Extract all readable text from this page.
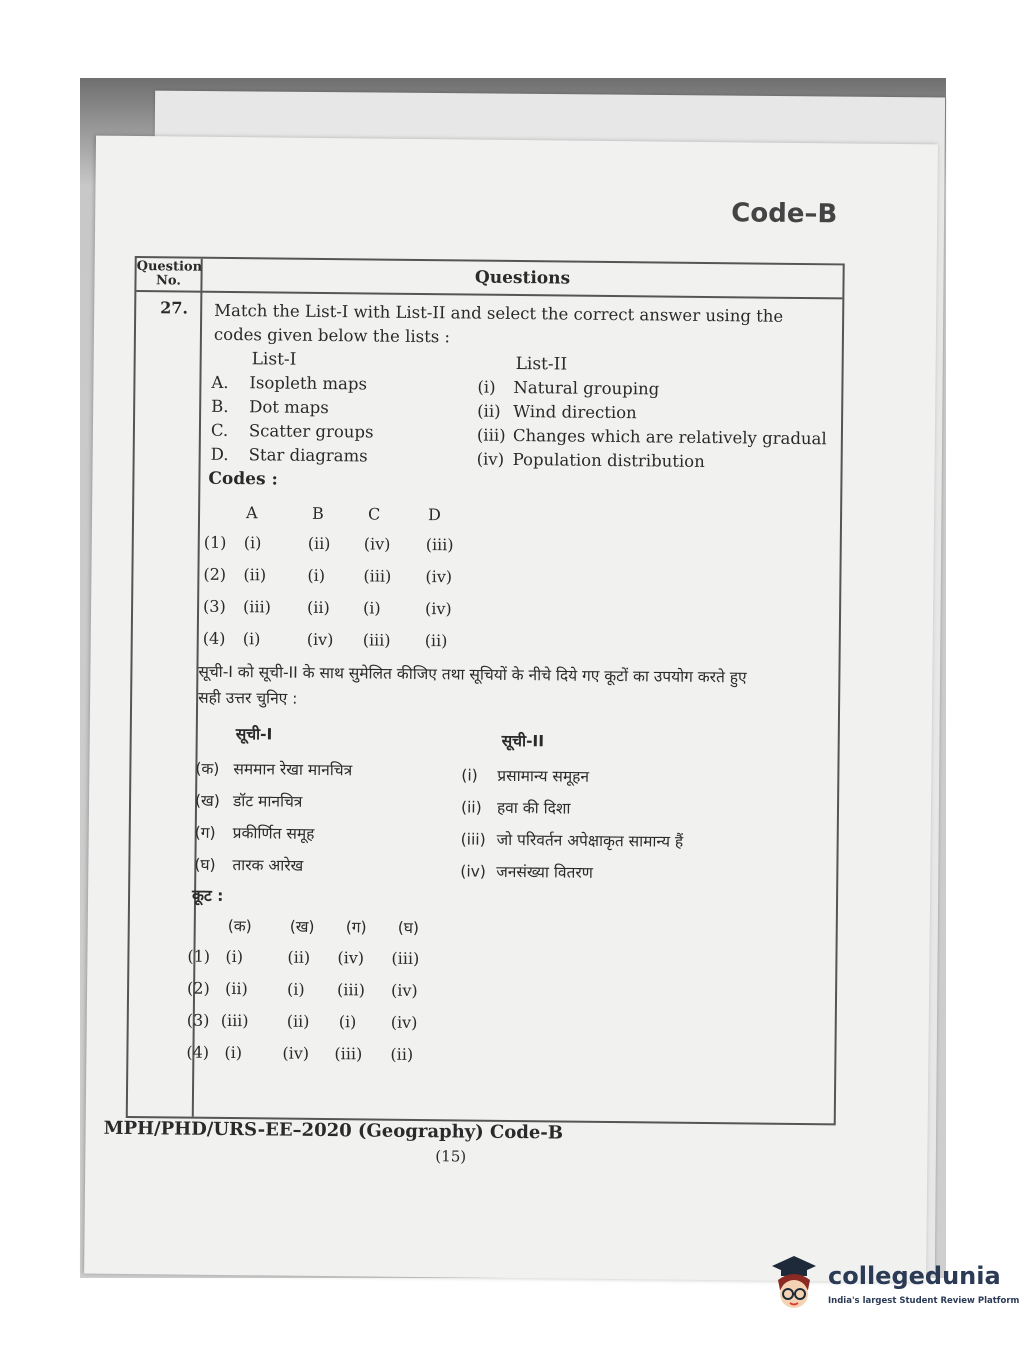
Code–B
Question No.	Questions
27. Match the List-I with List-II and select the correct answer using the
codes given below the lists :
List-I
A. Isopleth maps
B. Dot maps
C. Scatter groups
D. Star diagrams
List-II
(i) Natural grouping
(ii) Wind direction
(iii) Changes which are relatively gradual
(iv) Population distribution
Codes :
A	B	C	D
(1) (i)	(ii) (iv) (iii)
(2) (ii)	(i) (iii) (iv)
(3) (iii) (ii) (i)	(iv)
(4) (i)	(iv) (iii) (ii)
सूची-I को सूची-II के साथ सुमेलित कीजिए तथा सूचियों के नीचे दिये गए कूटों का उपयोग करते हुए
सही उत्तर चुनिए :
सूची-I
(क) सममान रेखा मानचित्र
(ख) डॉट मानचित्र
(ग) प्रकीर्णित समूह
(घ) तारक आरेख
सूची-II
(i) प्रसामान्य समूहन
(ii) हवा की दिशा
(iii) जो परिवर्तन अपेक्षाकृत सामान्य हैं
(iv) जनसंख्या वितरण
कूट :
(क) (ख) (ग) (घ)
(1) (i)	(ii) (iv) (iii)
(2) (ii) (i) (iii) (iv)
(3) (iii) (ii) (i) (iv)
(4) (i)	(iv) (iii) (ii)
MPH/PHD/URS-EE–2020 (Geography) Code-B
(15)
collegedunia
India's largest Student Review Platform
